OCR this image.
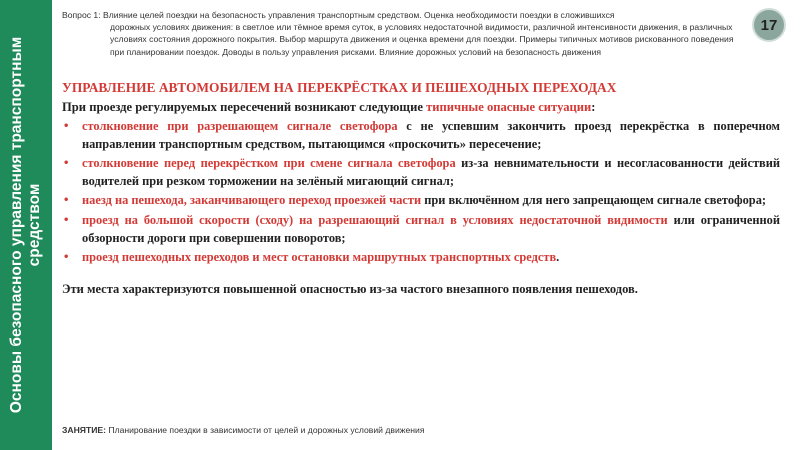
Основы безопасного управления транспортным средством

Вопрос 1: Влияние целей поездки на безопасность управления транспортным средством. Оценка необходимости поездки в сложившихся
дорожных условиях движения: в светлое или тёмное время суток, в условиях недостаточной видимости, различной интенсивности движения, в различных условиях состояния дорожного покрытия. Выбор маршрута движения и оценка времени для поездки. Примеры типичных мотивов рискованного поведения при планировании поездок. Доводы в пользу управления рисками. Влияние дорожных условий на безопасность движения

17
УПРАВЛЕНИЕ АВТОМОБИЛЕМ НА ПЕРЕКРЁСТКАХ И ПЕШЕХОДНЫХ ПЕРЕХОДАХ

При проезде регулируемых пересечений возникают следующие типичные опасные ситуации:

• столкновение при разрешающем сигнале светофора с не успевшим закончить проезд перекрёстка в поперечном направлении транспортным средством, пытающимся «проскочить» пересечение;
• столкновение перед перекрёстком при смене сигнала светофора из-за невнимательности и несогласованности действий водителей при резком торможении на зелёный мигающий сигнал;
• наезд на пешехода, заканчивающего переход проезжей части при включённом для него запрещающем сигнале светофора;
• проезд на большой скорости (сходу) на разрешающий сигнал в условиях недостаточной видимости или ограниченной обзорности дороги при совершении поворотов;
• проезд пешеходных переходов и мест остановки маршрутных транспортных средств.

Эти места характеризуются повышенной опасностью из-за частого внезапного появления пешеходов.

ЗАНЯТИЕ: Планирование поездки в зависимости от целей и дорожных условий движения
